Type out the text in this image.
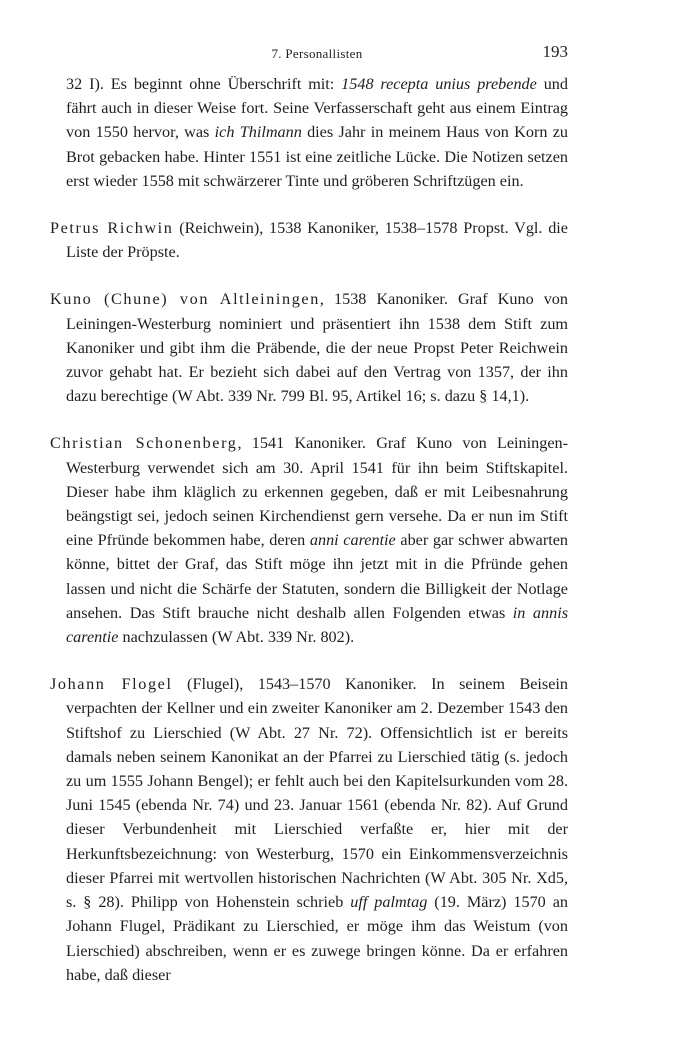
7. Personallisten	193

32 I). Es beginnt ohne Überschrift mit: 1548 recepta unius prebende und fährt auch in dieser Weise fort. Seine Verfasserschaft geht aus einem Eintrag von 1550 hervor, was ich Thilmann dies Jahr in meinem Haus von Korn zu Brot gebacken habe. Hinter 1551 ist eine zeitliche Lücke. Die Notizen setzen erst wieder 1558 mit schwärzerer Tinte und gröberen Schriftzügen ein.

Petrus Richwin (Reichwein), 1538 Kanoniker, 1538–1578 Propst. Vgl. die Liste der Pröpste.

Kuno (Chune) von Altleiningen, 1538 Kanoniker. Graf Kuno von Leiningen-Westerburg nominiert und präsentiert ihn 1538 dem Stift zum Kanoniker und gibt ihm die Präbende, die der neue Propst Peter Reichwein zuvor gehabt hat. Er bezieht sich dabei auf den Vertrag von 1357, der ihn dazu berechtige (W Abt. 339 Nr. 799 Bl. 95, Artikel 16; s. dazu § 14,1).

Christian Schonenberg, 1541 Kanoniker. Graf Kuno von Leiningen-Westerburg verwendet sich am 30. April 1541 für ihn beim Stiftskapitel. Dieser habe ihm kläglich zu erkennen gegeben, daß er mit Leibesnahrung beängstigt sei, jedoch seinen Kirchendienst gern versehe. Da er nun im Stift eine Pfründe bekommen habe, deren anni carentie aber gar schwer abwarten könne, bittet der Graf, das Stift möge ihn jetzt mit in die Pfründe gehen lassen und nicht die Schärfe der Statuten, sondern die Billigkeit der Notlage ansehen. Das Stift brauche nicht deshalb allen Folgenden etwas in annis carentie nachzulassen (W Abt. 339 Nr. 802).

Johann Flogel (Flugel), 1543–1570 Kanoniker. In seinem Beisein verpachten der Kellner und ein zweiter Kanoniker am 2. Dezember 1543 den Stiftshof zu Lierschied (W Abt. 27 Nr. 72). Offensichtlich ist er bereits damals neben seinem Kanonikat an der Pfarrei zu Lierschied tätig (s. jedoch zu um 1555 Johann Bengel); er fehlt auch bei den Kapitelsurkunden vom 28. Juni 1545 (ebenda Nr. 74) und 23. Januar 1561 (ebenda Nr. 82). Auf Grund dieser Verbundenheit mit Lierschied verfaßte er, hier mit der Herkunftsbezeichnung: von Westerburg, 1570 ein Einkommensverzeichnis dieser Pfarrei mit wertvollen historischen Nachrichten (W Abt. 305 Nr. Xd5, s. § 28). Philipp von Hohenstein schrieb uff palmtag (19. März) 1570 an Johann Flugel, Prädikant zu Lierschied, er möge ihm das Weistum (von Lierschied) abschreiben, wenn er es zuwege bringen könne. Da er erfahren habe, daß dieser
